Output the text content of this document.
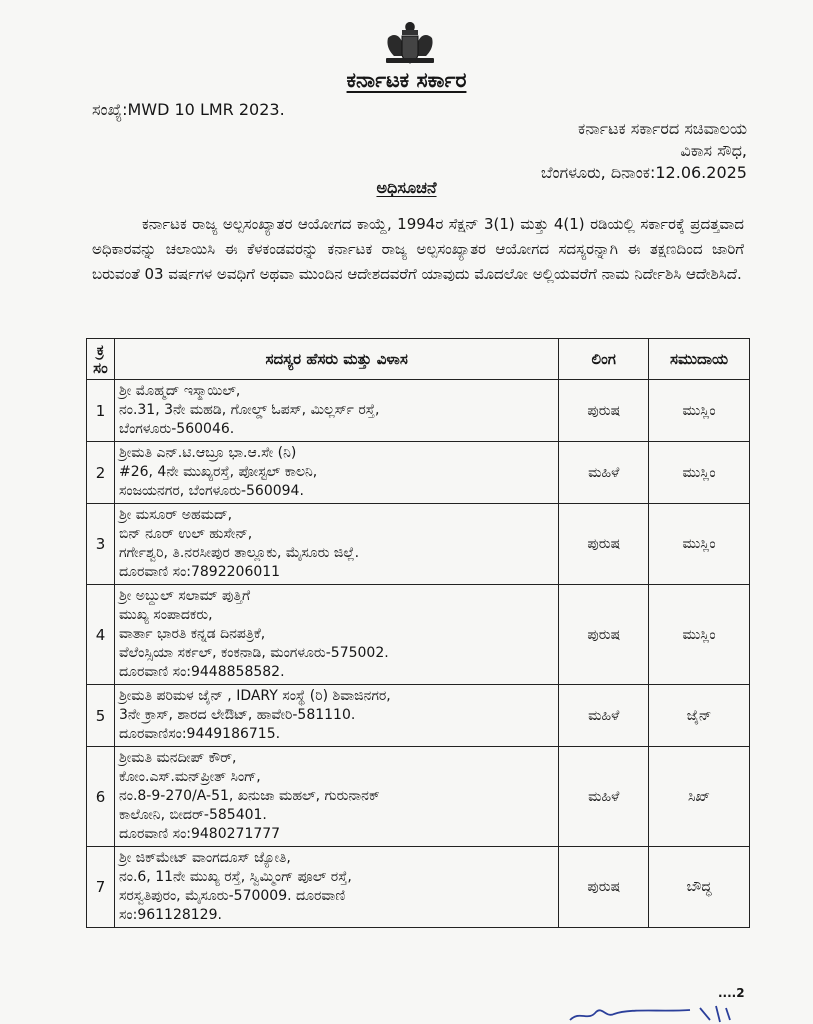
ಕರ್ನಾಟಕ ಸರ್ಕಾರ
ಸಂಖ್ಯೆ:MWD 10 LMR 2023.
ಕರ್ನಾಟಕ ಸರ್ಕಾರದ ಸಚಿವಾಲಯ
ವಿಕಾಸ ಸೌಧ,
ಬೆಂಗಳೂರು, ದಿನಾಂಕ:12.06.2025
ಅಧಿಸೂಚನೆ

ಕರ್ನಾಟಕ ರಾಜ್ಯ ಅಲ್ಪಸಂಖ್ಯಾತರ ಆಯೋಗದ ಕಾಯ್ದೆ, 1994ರ ಸೆಕ್ಷನ್ 3(1) ಮತ್ತು 4(1) ರಡಿಯಲ್ಲಿ ಸರ್ಕಾರಕ್ಕೆ ಪ್ರದತ್ತವಾದ ಅಧಿಕಾರವನ್ನು ಚಲಾಯಿಸಿ ಈ ಕೆಳಕಂಡವರನ್ನು ಕರ್ನಾಟಕ ರಾಜ್ಯ ಅಲ್ಪಸಂಖ್ಯಾತರ ಆಯೋಗದ ಸದಸ್ಯರನ್ನಾಗಿ ಈ ತಕ್ಷಣದಿಂದ ಜಾರಿಗೆ ಬರುವಂತೆ 03 ವರ್ಷಗಳ ಅವಧಿಗೆ ಅಥವಾ ಮುಂದಿನ ಆದೇಶದವರೆಗೆ ಯಾವುದು ಮೊದಲೋ ಅಲ್ಲಿಯವರೆಗೆ ನಾಮ ನಿರ್ದೇಶಿಸಿ ಆದೇಶಿಸಿದೆ.

ಕ್ರ ಸಂ	ಸದಸ್ಯರ ಹೆಸರು ಮತ್ತು ವಿಳಾಸ	ಲಿಂಗ	ಸಮುದಾಯ
1	ಶ್ರೀ ಮೊಹ್ಮದ್ ಇಸ್ಮಾಯಿಲ್,
ನಂ.31, 3ನೇ ಮಹಡಿ, ಗೋಲ್ಡ್ ಓಪಸ್, ಮಿಲ್ಲರ್ಸ್ ರಸ್ತೆ,
ಬೆಂಗಳೂರು-560046.	ಪುರುಷ	ಮುಸ್ಲಿಂ
2	ಶ್ರೀಮತಿ ಎನ್.ಟಿ.ಆಬ್ರೂ ಭಾ.ಆ.ಸೇ (ನಿ)
#26, 4ನೇ ಮುಖ್ಯರಸ್ತೆ, ಪೋಸ್ಟಲ್ ಕಾಲನಿ,
ಸಂಜಯನಗರ, ಬೆಂಗಳೂರು-560094.	ಮಹಿಳೆ	ಮುಸ್ಲಿಂ
3	ಶ್ರೀ ಮಸೂರ್ ಅಹಮದ್,
ಬಿನ್ ನೂರ್ ಉಲ್ ಹುಸೇನ್,
ಗರ್ಗೇಶ್ವರಿ, ತಿ.ನರಸೀಪುರ ತಾಲ್ಲೂಕು, ಮೈಸೂರು ಜಿಲ್ಲೆ.
ದೂರವಾಣಿ ಸಂ:7892206011	ಪುರುಷ	ಮುಸ್ಲಿಂ
4	ಶ್ರೀ ಅಬ್ದುಲ್ ಸಲಾಮ್ ಪುತ್ತಿಗೆ
ಮುಖ್ಯ ಸಂಪಾದಕರು,
ವಾರ್ತಾ ಭಾರತಿ ಕನ್ನಡ ದಿನಪತ್ರಿಕೆ,
ವೆಲೆಂಸ್ಸಿಯಾ ಸರ್ಕಲ್, ಕಂಕನಾಡಿ, ಮಂಗಳೂರು-575002.
ದೂರವಾಣಿ ಸಂ:9448858582.	ಪುರುಷ	ಮುಸ್ಲಿಂ
5	ಶ್ರೀಮತಿ ಪರಿಮಳ ಜೈನ್ , IDARY ಸಂಸ್ಥೆ (ರಿ) ಶಿವಾಜಿನಗರ,
3ನೇ ಕ್ರಾಸ್, ಶಾರದ ಲೇಔಟ್, ಹಾವೇರಿ-581110.
ದೂರವಾಣಿಸಂ:9449186715.	ಮಹಿಳೆ	ಜೈನ್
6	ಶ್ರೀಮತಿ ಮನದೀಪ್ ಕೌರ್,
ಕೋಂ.ಎಸ್.ಮನ್‌ಪ್ರೀತ್ ಸಿಂಗ್,
ನಂ.8-9-270/A-51, ಖನುಜಾ ಮಹಲ್, ಗುರುನಾನಕ್
ಕಾಲೋನಿ, ಬೀದರ್-585401.
ದೂರವಾಣಿ ಸಂ:9480271777	ಮಹಿಳೆ	ಸಿಖ್
7	ಶ್ರೀ ಜಿಕ್‌ಮೇಟ್ ವಾಂಗದೂಸ್ ಜ್ಯೋತಿ,
ನಂ.6, 11ನೇ ಮುಖ್ಯ ರಸ್ತೆ, ಸ್ವಿಮ್ಮಿಂಗ್ ಪೂಲ್ ರಸ್ತೆ,
ಸರಸ್ವತಿಪುರಂ, ಮೈಸೂರು-570009. ದೂರವಾಣಿ
ಸಂ:961128129.	ಪುರುಷ	ಬೌದ್ಧ
....2
